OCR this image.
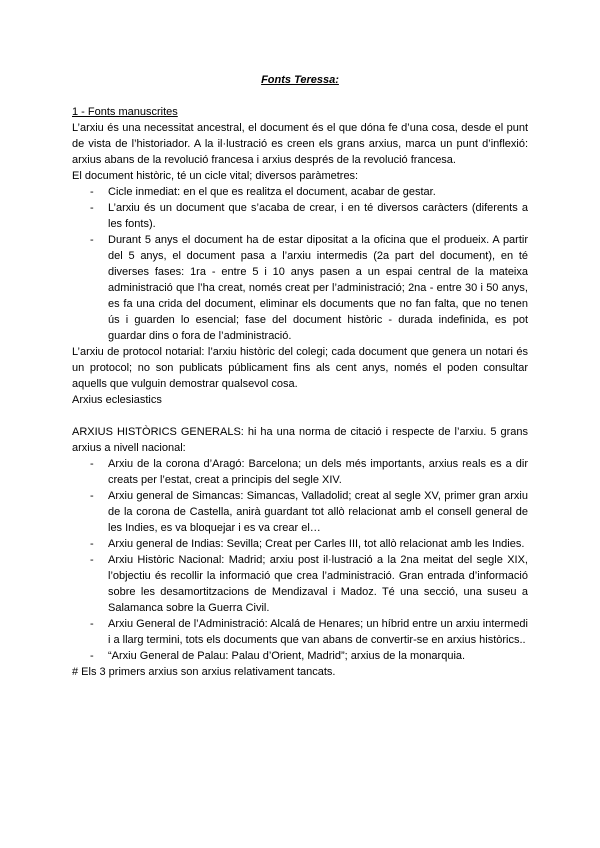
Fonts Teressa:

1 - Fonts manuscrites

L’arxiu és una necessitat ancestral, el document és el que dóna fe d’una cosa, desde el punt de vista de l’historiador. A la il·lustració es creen els grans arxius, marca un punt d’inflexió: arxius abans de la revolució francesa i arxius després de la revolució francesa.

El document històric, té un cicle vital; diversos paràmetres:

- Cicle inmediat: en el que es realitza el document, acabar de gestar.
- L’arxiu és un document que s’acaba de crear, i en té diversos caràcters (diferents a les fonts).
- Durant 5 anys el document ha de estar dipositat a la oficina que el produeix. A partir del 5 anys, el document pasa a l’arxiu intermedis (2a part del document), en té diverses fases: 1ra - entre 5 i 10 anys pasen a un espai central de la mateixa administració que l’ha creat, només creat per l’administració; 2na - entre 30 i 50 anys, es fa una crida del document, eliminar els documents que no fan falta, que no tenen ús i guarden lo esencial; fase del document històric - durada indefinida, es pot guardar dins o fora de l’administració.

L’arxiu de protocol notarial: l’arxiu històric del colegi; cada document que genera un notari és un protocol; no son publicats públicament fins als cent anys, només el poden consultar aquells que vulguin demostrar qualsevol cosa.

Arxius eclesiastics

ARXIUS HISTÒRICS GENERALS: hi ha una norma de citació i respecte de l’arxiu. 5 grans arxius a nivell nacional:

- Arxiu de la corona d’Aragó: Barcelona; un dels més importants, arxius reals es a dir creats per l’estat, creat a principis del segle XIV.
- Arxiu general de Simancas: Simancas, Valladolid; creat al segle XV, primer gran arxiu de la corona de Castella, anirà guardant tot allò relacionat amb el consell general de les Indies, es va bloquejar i es va crear el…
- Arxiu general de Indias: Sevilla; Creat per Carles III, tot allò relacionat amb les Indies.
- Arxiu Històric Nacional: Madrid; arxiu post il·lustració a la 2na meitat del segle XIX, l’objectiu és recollir la informació que crea l’administració. Gran entrada d’informació sobre les desamortitzacions de Mendizaval i Madoz. Té una secció, una suseu a Salamanca sobre la Guerra Civil.
- Arxiu General de l’Administració: Alcalá de Henares; un híbrid entre un arxiu intermedi i a llarg termini, tots els documents que van abans de convertir-se en arxius històrics..
- “Arxiu General de Palau: Palau d’Orient, Madrid”; arxius de la monarquia.

# Els 3 primers arxius son arxius relativament tancats.
